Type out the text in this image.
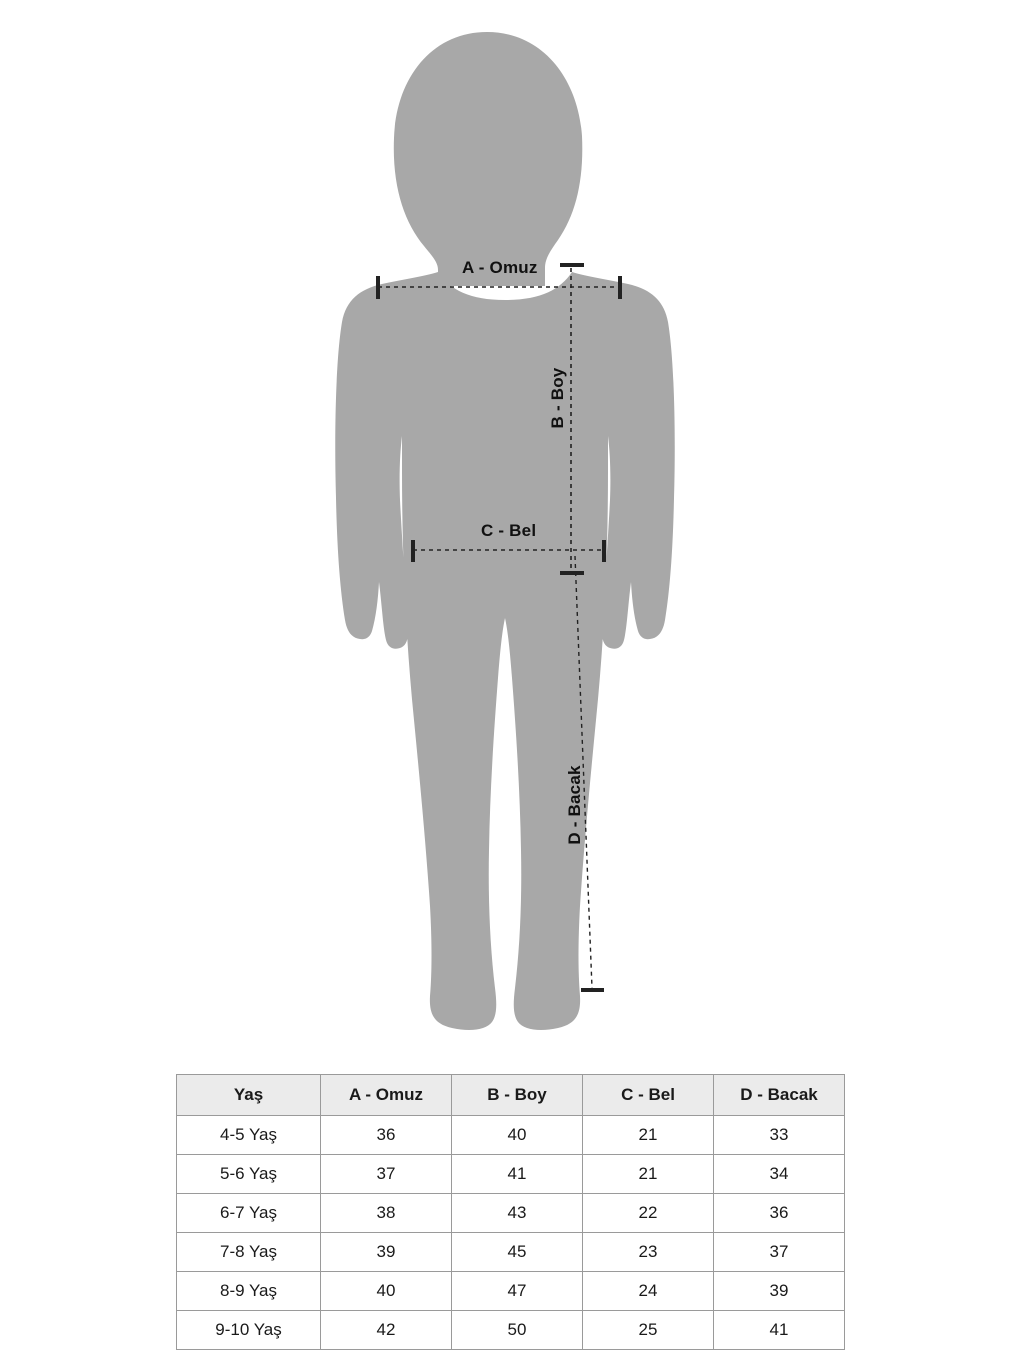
A - Omuz
B - Boy
C - Bel
D - Bacak
Yaş	A - Omuz	B - Boy	C - Bel	D - Bacak
4-5 Yaş	36	40	21	33
5-6 Yaş	37	41	21	34
6-7 Yaş	38	43	22	36
7-8 Yaş	39	45	23	37
8-9 Yaş	40	47	24	39
9-10 Yaş	42	50	25	41
